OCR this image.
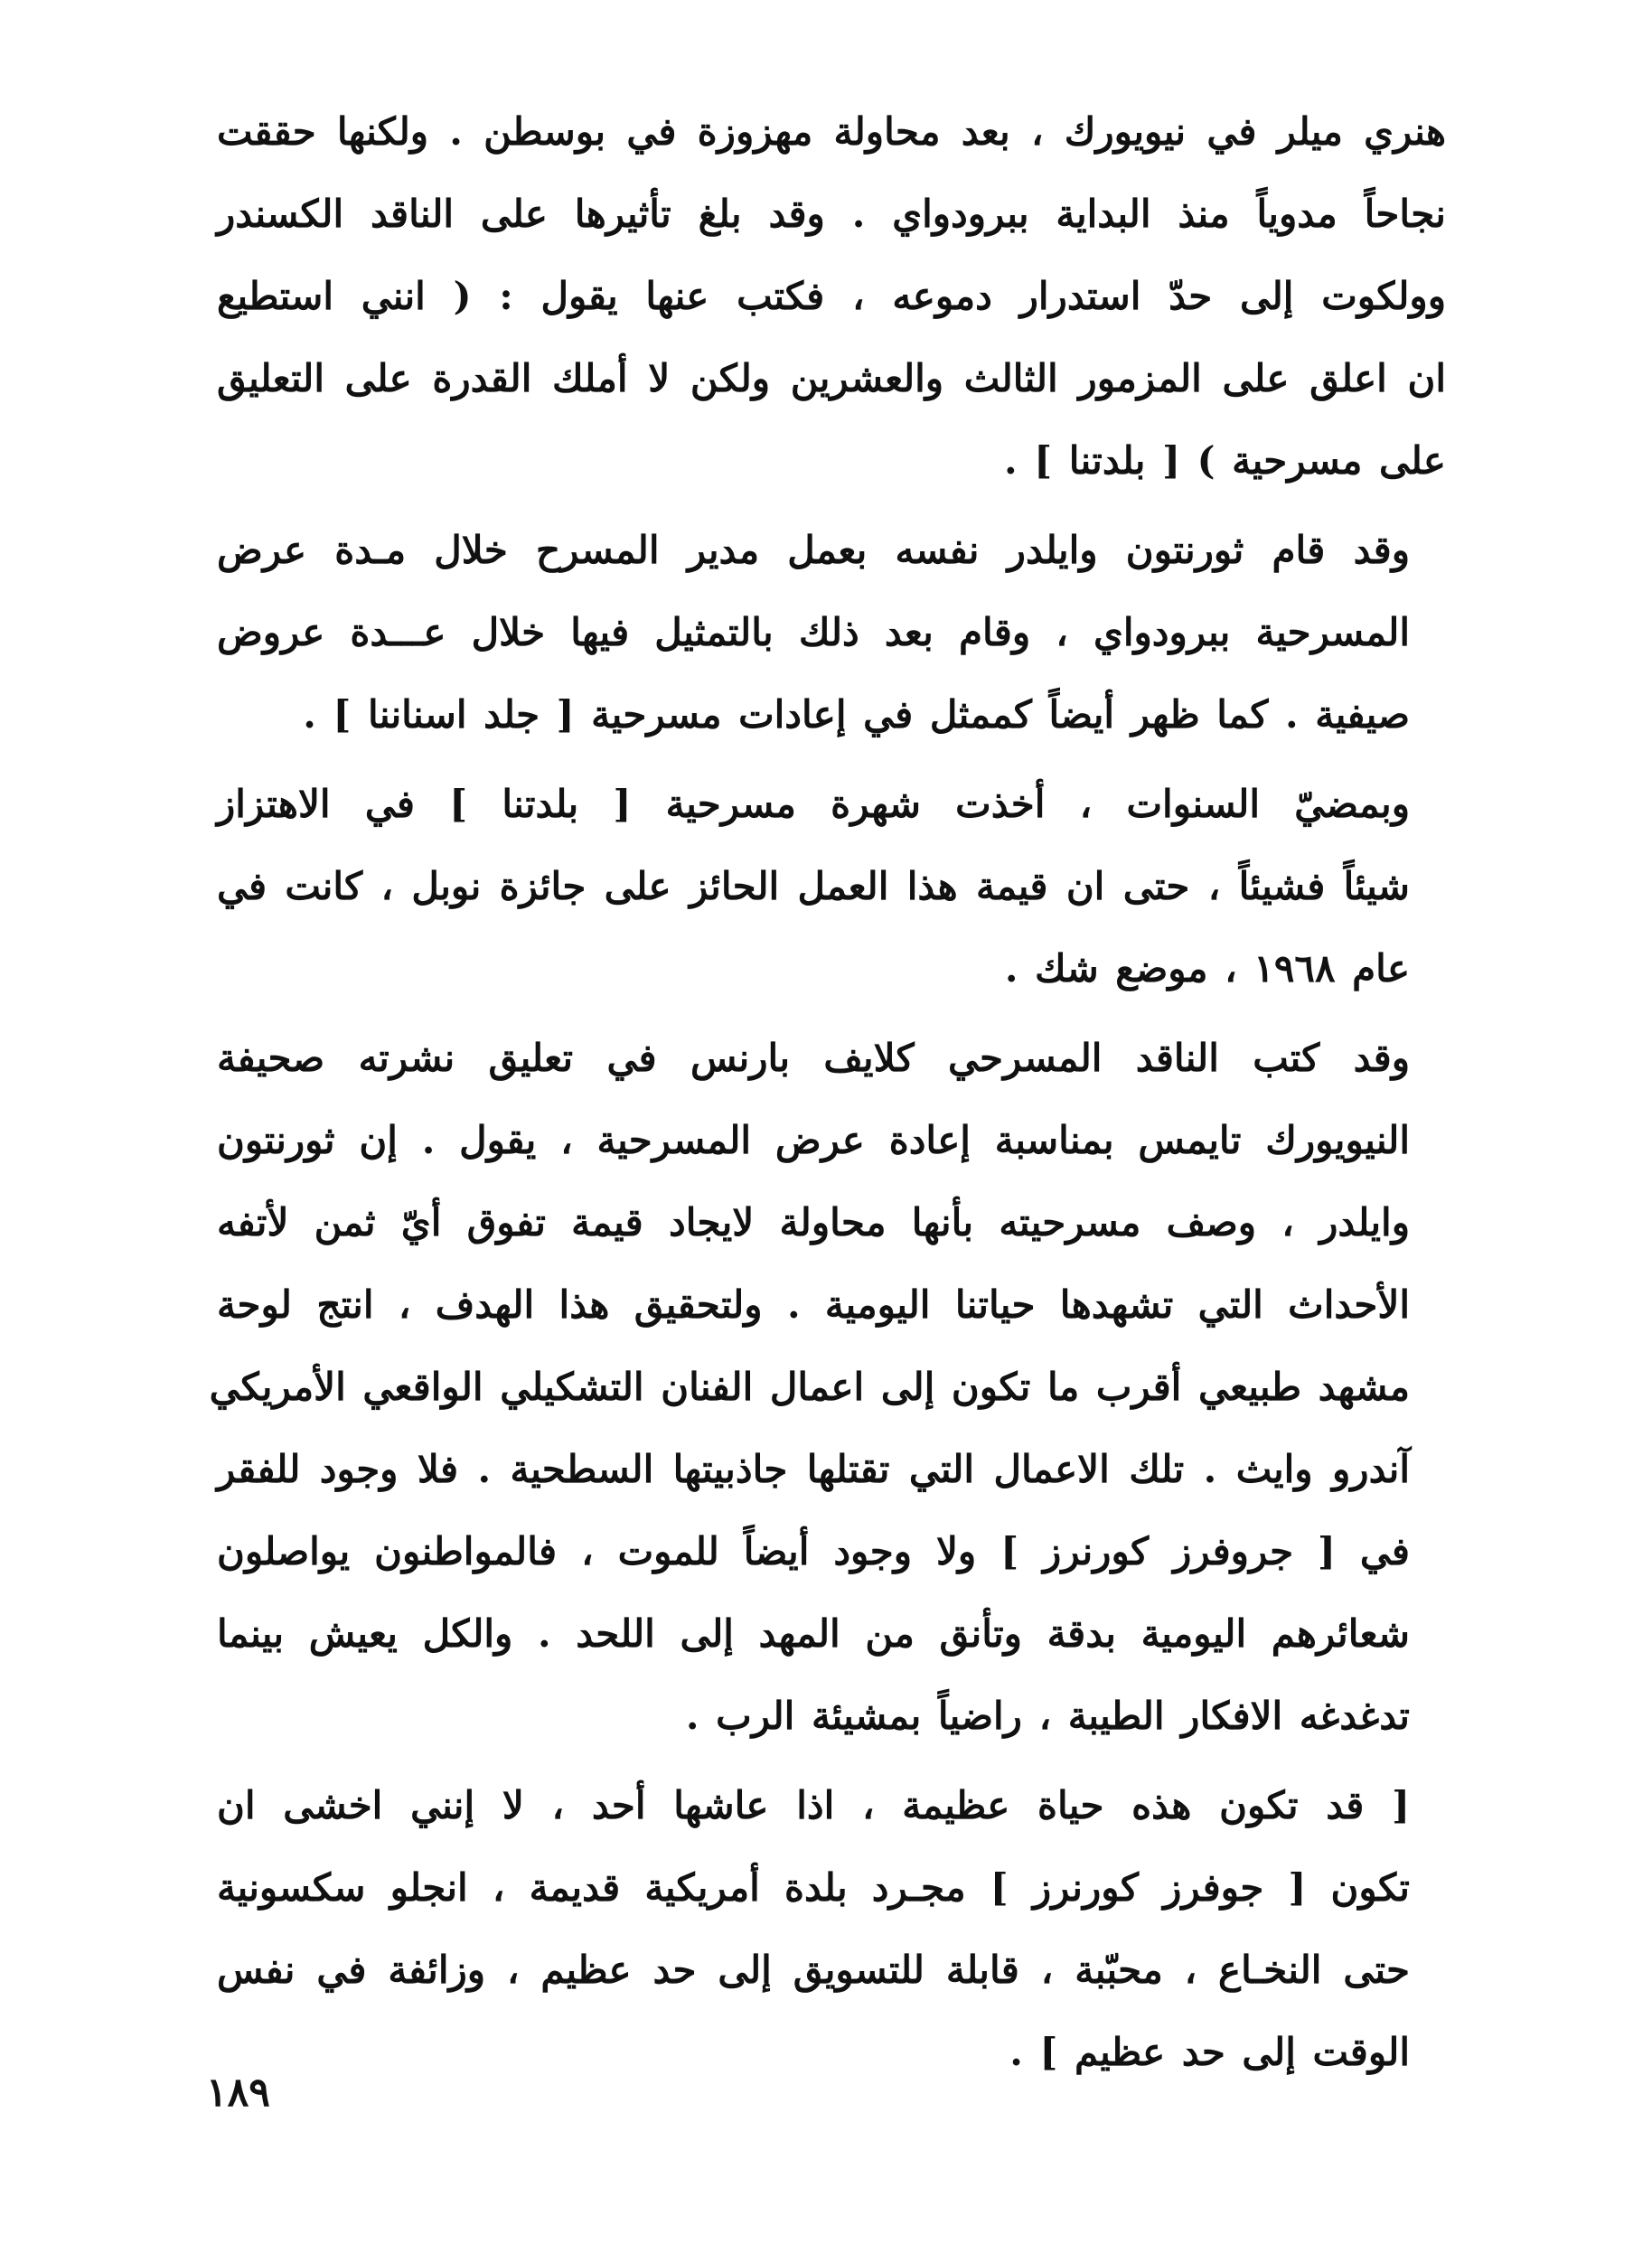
هنري ميلر في نيويورك ، بعد محاولة مهزوزة في بوسطن . ولكنها حققت
نجاحاً مدوياً منذ البداية ببرودواي . وقد بلغ تأثيرها على الناقد الكسندر
وولكوت إلى حدّ استدرار دموعه ، فكتب عنها يقول : ( انني استطيع
ان اعلق على المزمور الثالث والعشرين ولكن لا أملك القدرة على التعليق
على مسرحية ) [ بلدتنا ] .
وقد قام ثورنتون وايلدر نفسه بعمل مدير المسرح خلال مـدة عرض
المسرحية ببرودواي ، وقام بعد ذلك بالتمثيل فيها خلال عـــدة عروض
صيفية . كما ظهر أيضاً كممثل في إعادات مسرحية [ جلد اسناننا ] .
وبمضيّ السنوات ، أخذت شهرة مسرحية [ بلدتنا ] في الاهتزاز
شيئاً فشيئاً ، حتى ان قيمة هذا العمل الحائز على جائزة نوبل ، كانت في
عام ١٩٦٨ ، موضع شك .
وقد كتب الناقد المسرحي كلايف بارنس في تعليق نشرته صحيفة
النيويورك تايمس بمناسبة إعادة عرض المسرحية ، يقول . إن ثورنتون
وايلدر ، وصف مسرحيته بأنها محاولة لايجاد قيمة تفوق أيّ ثمن لأتفه
الأحداث التي تشهدها حياتنا اليومية . ولتحقيق هذا الهدف ، انتج لوحة
مشهد طبيعي أقرب ما تكون إلى اعمال الفنان التشكيلي الواقعي الأمريكي
آندرو وايث . تلك الاعمال التي تقتلها جاذبيتها السطحية . فلا وجود للفقر
في [ جروفرز كورنرز ] ولا وجود أيضاً للموت ، فالمواطنون يواصلون
شعائرهم اليومية بدقة وتأنق من المهد إلى اللحد . والكل يعيش بينما
تدغدغه الافكار الطيبة ، راضياً بمشيئة الرب .
[ قد تكون هذه حياة عظيمة ، اذا عاشها أحد ، لا إنني اخشى ان
تكون [ جوفرز كورنرز ] مجـرد بلدة أمريكية قديمة ، انجلو سكسونية
حتى النخـاع ، محبّبة ، قابلة للتسويق إلى حد عظيم ، وزائفة في نفس
الوقت إلى حد عظيم ] .
١٨٩
